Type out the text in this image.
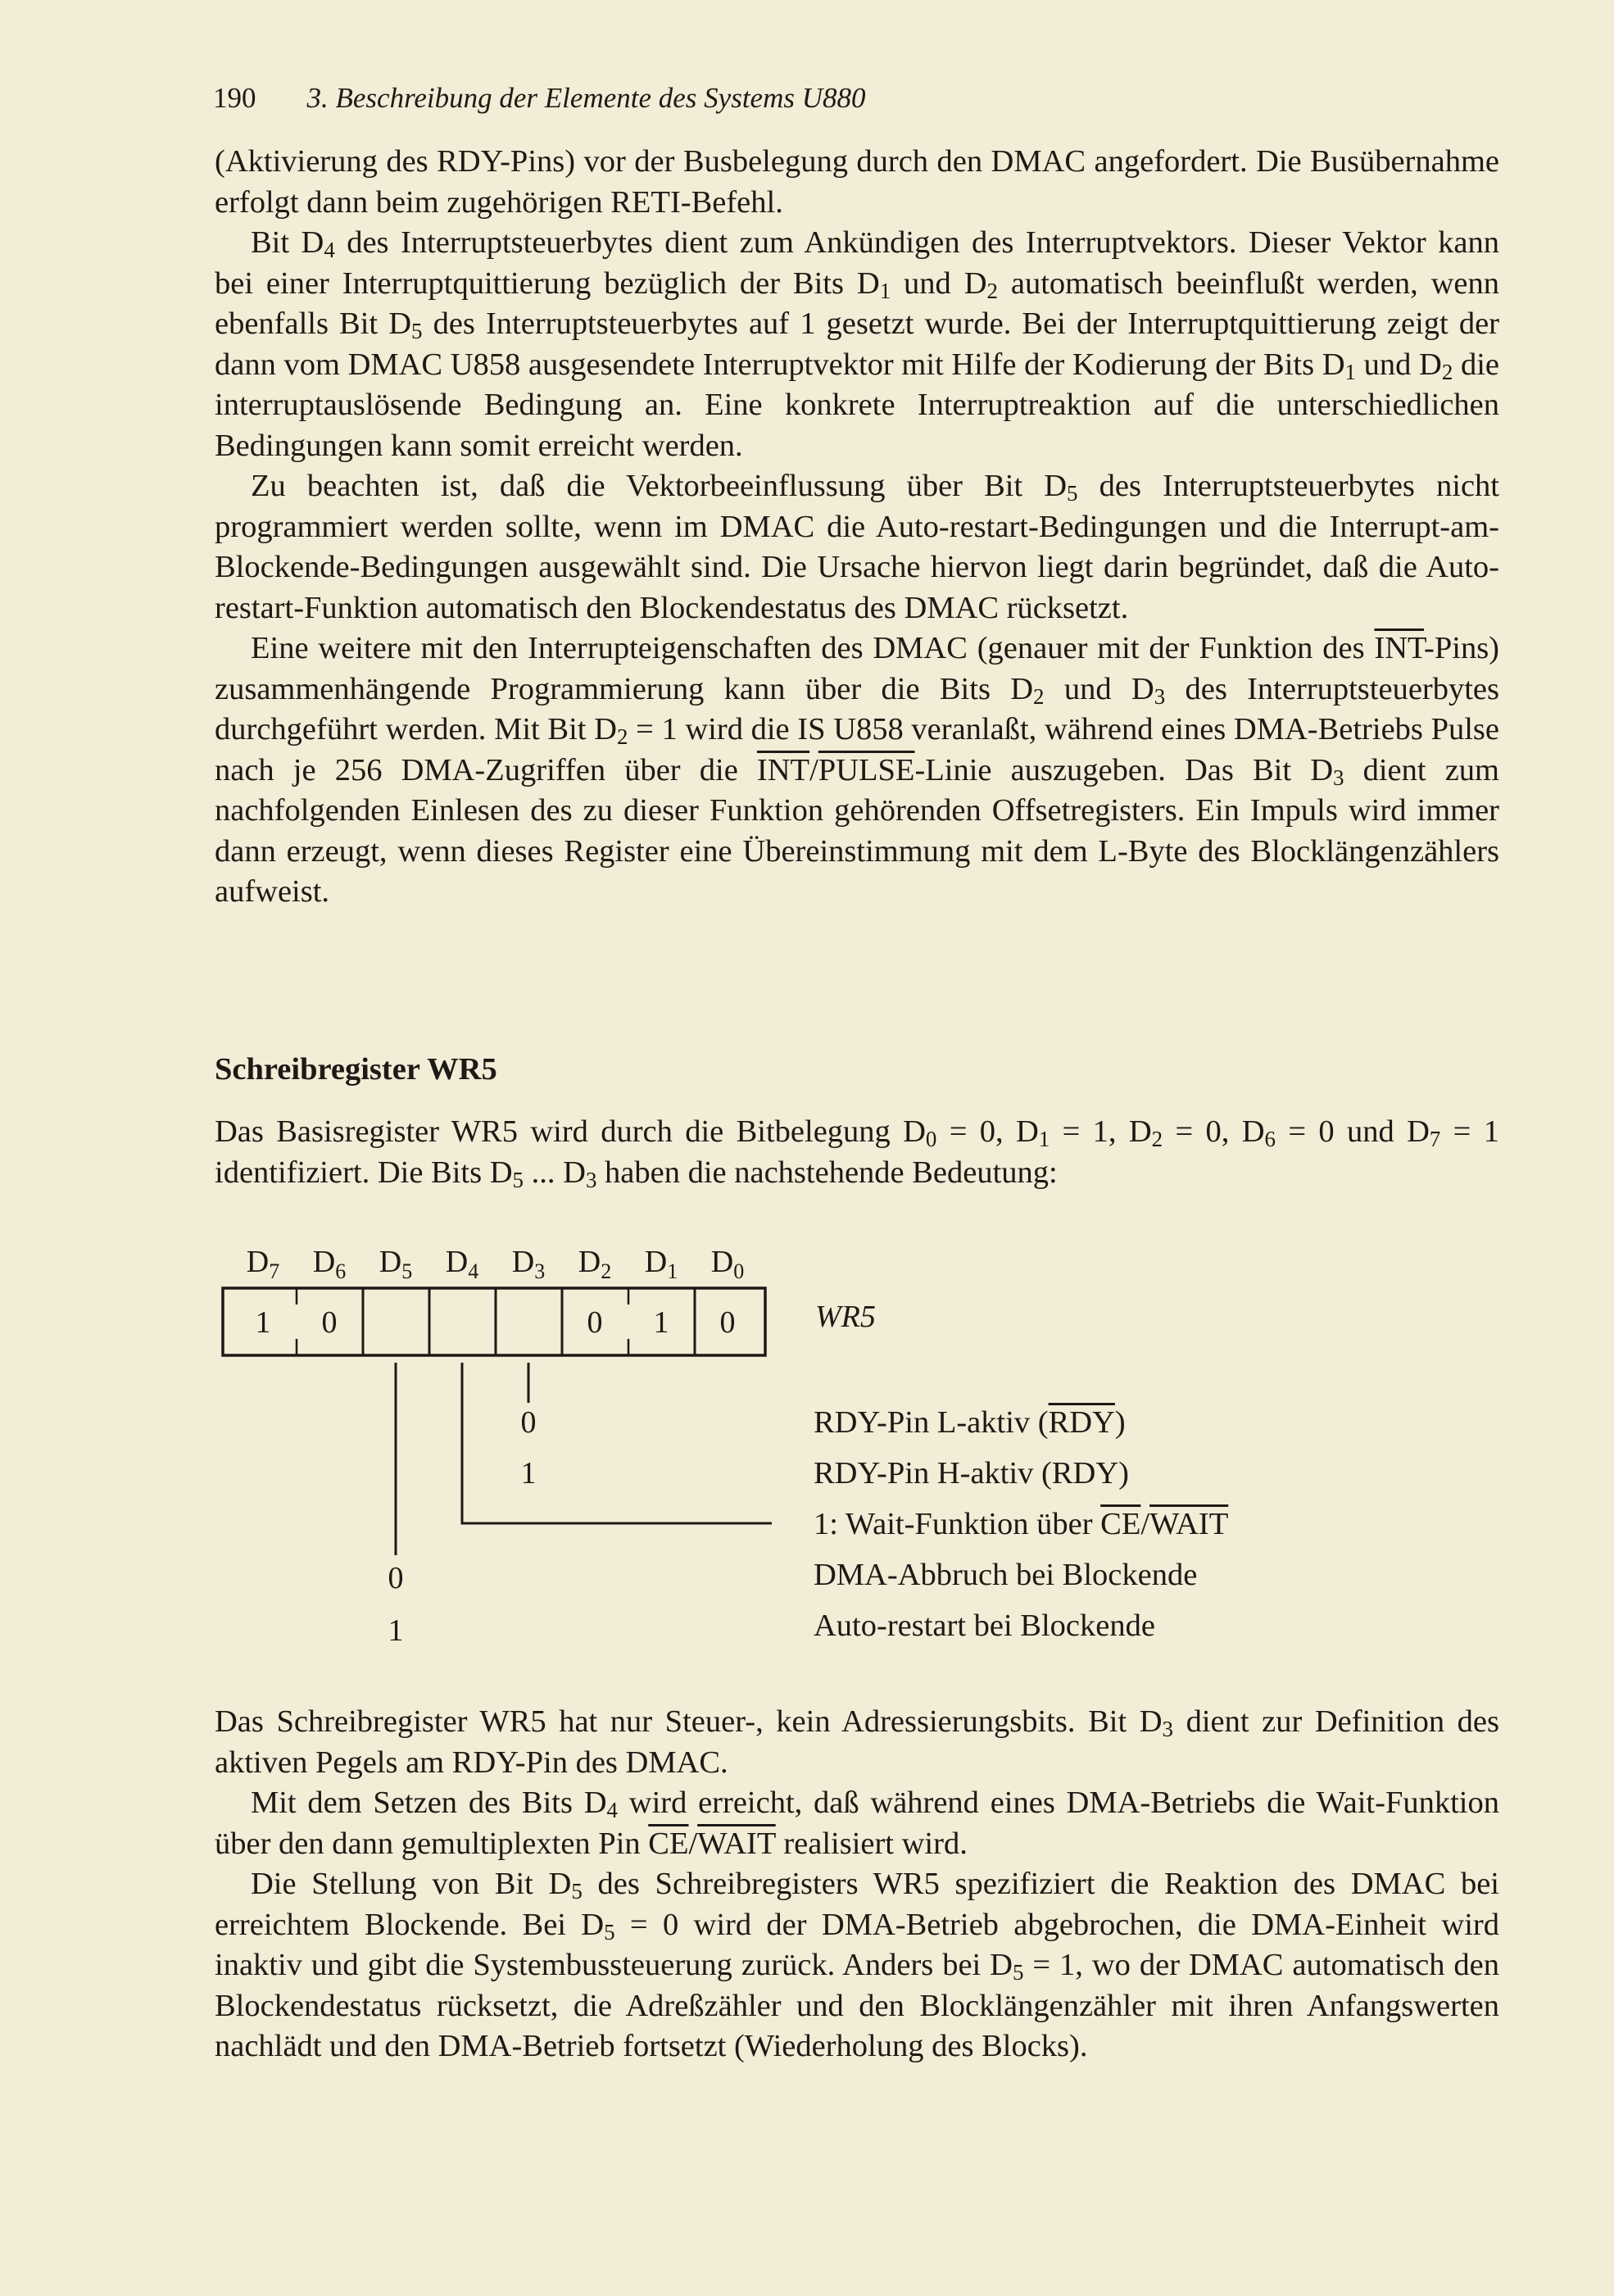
190 3. Beschreibung der Elemente des Systems U880

(Aktivierung des RDY-Pins) vor der Busbelegung durch den DMAC angefordert. Die Busübernahme erfolgt dann beim zugehörigen RETI-Befehl.

Bit $D_4$ des Interruptsteuerbytes dient zum Ankündigen des Interruptvektors. Dieser Vektor kann bei einer Interruptquittierung bezüglich der Bits $D_1$ und $D_2$ automatisch beeinflußt werden, wenn ebenfalls Bit $D_5$ des Interruptsteuerbytes auf 1 gesetzt wurde. Bei der Interruptquittierung zeigt der dann vom DMAC U858 ausgesendete Interruptvektor mit Hilfe der Kodierung der Bits $D_1$ und $D_2$ die interruptauslösende Bedingung an. Eine konkrete Interruptreaktion auf die unterschiedlichen Bedingungen kann somit erreicht werden.

Zu beachten ist, daß die Vektorbeeinflussung über Bit $D_5$ des Interruptsteuerbytes nicht programmiert werden sollte, wenn im DMAC die Auto-restart-Bedingungen und die Interrupt-am-Blockende-Bedingungen ausgewählt sind. Die Ursache hiervon liegt darin begründet, daß die Auto-restart-Funktion automatisch den Blockendestatus des DMAC rücksetzt.

Eine weitere mit den Interrupteigenschaften des DMAC (genauer mit der Funktion des $\overline{INT}-Pins$) zusammenhängende Programmierung kann über die Bits $D_2$ und $D_3$ des Interruptsteuerbytes durchgeführt werden. Mit Bit $D_2 = 1$ wird die IS U858 veranlaßt, während eines DMA-Betriebs Pulse nach je 256 DMA-Zugriffen über die $\overline{INT}/PULSE$-Linie auszugeben. Das Bit $D_3$ dient zum nachfolgenden Einlesen des zu dieser Funktion gehörenden Offsetregisters. Ein Impuls wird immer dann erzeugt, wenn dieses Register eine Übereinstimmung mit dem L-Byte des Blocklängenzählers aufweist.

Schreibregister WR5

Das Basisregister WR5 wird durch die Bitbelegung $D_0 = 0$, $D_1 = 1$, $D_2 = 0$, $D_6 = 0$ und $D_7 = 1$ identifiziert. Die Bits $D_5$ ... $D_3$ haben die nachstehende Bedeutung:

$D_7$ $D_6$ $D_5$ $D_4$ $D_3$ $D_2$ $D_1$ $D_0$
1 0	0 1 0
0
1
0
1
WR5
RDY-Pin L-aktiv $(\overline{RDY})$
RDY-Pin H-aktiv (RDY)
1: Wait-Funktion über $\overline{CE}$/WAIT
DMA-Abbruch bei Blockende
Auto-restart bei Blockende

Das Schreibregister WR5 hat nur Steuer-, kein Adressierungsbits. Bit $D_3$ dient zur Definition des aktiven Pegels am RDY-Pin des DMAC.

Mit dem Setzen des Bits $D_4$ wird erreicht, daß während eines DMA-Betriebs die Wait-Funktion über den dann gemultiplexten Pin $\overline{CE}$/WAIT realisiert wird.

Die Stellung von Bit $D_5$ des Schreibregisters WR5 spezifiziert die Reaktion des DMAC bei erreichtem Blockende. Bei $D_5 = 0$ wird der DMA-Betrieb abgebrochen, die DMA-Einheit wird inaktiv und gibt die Systembussteuerung zurück. Anders bei $D_5 = 1$, wo der DMAC automatisch den Blockendestatus rücksetzt, die Adreßzähler und den Blocklängenzähler mit ihren Anfangswerten nachlädt und den DMA-Betrieb fortsetzt (Wiederholung des Blocks).
